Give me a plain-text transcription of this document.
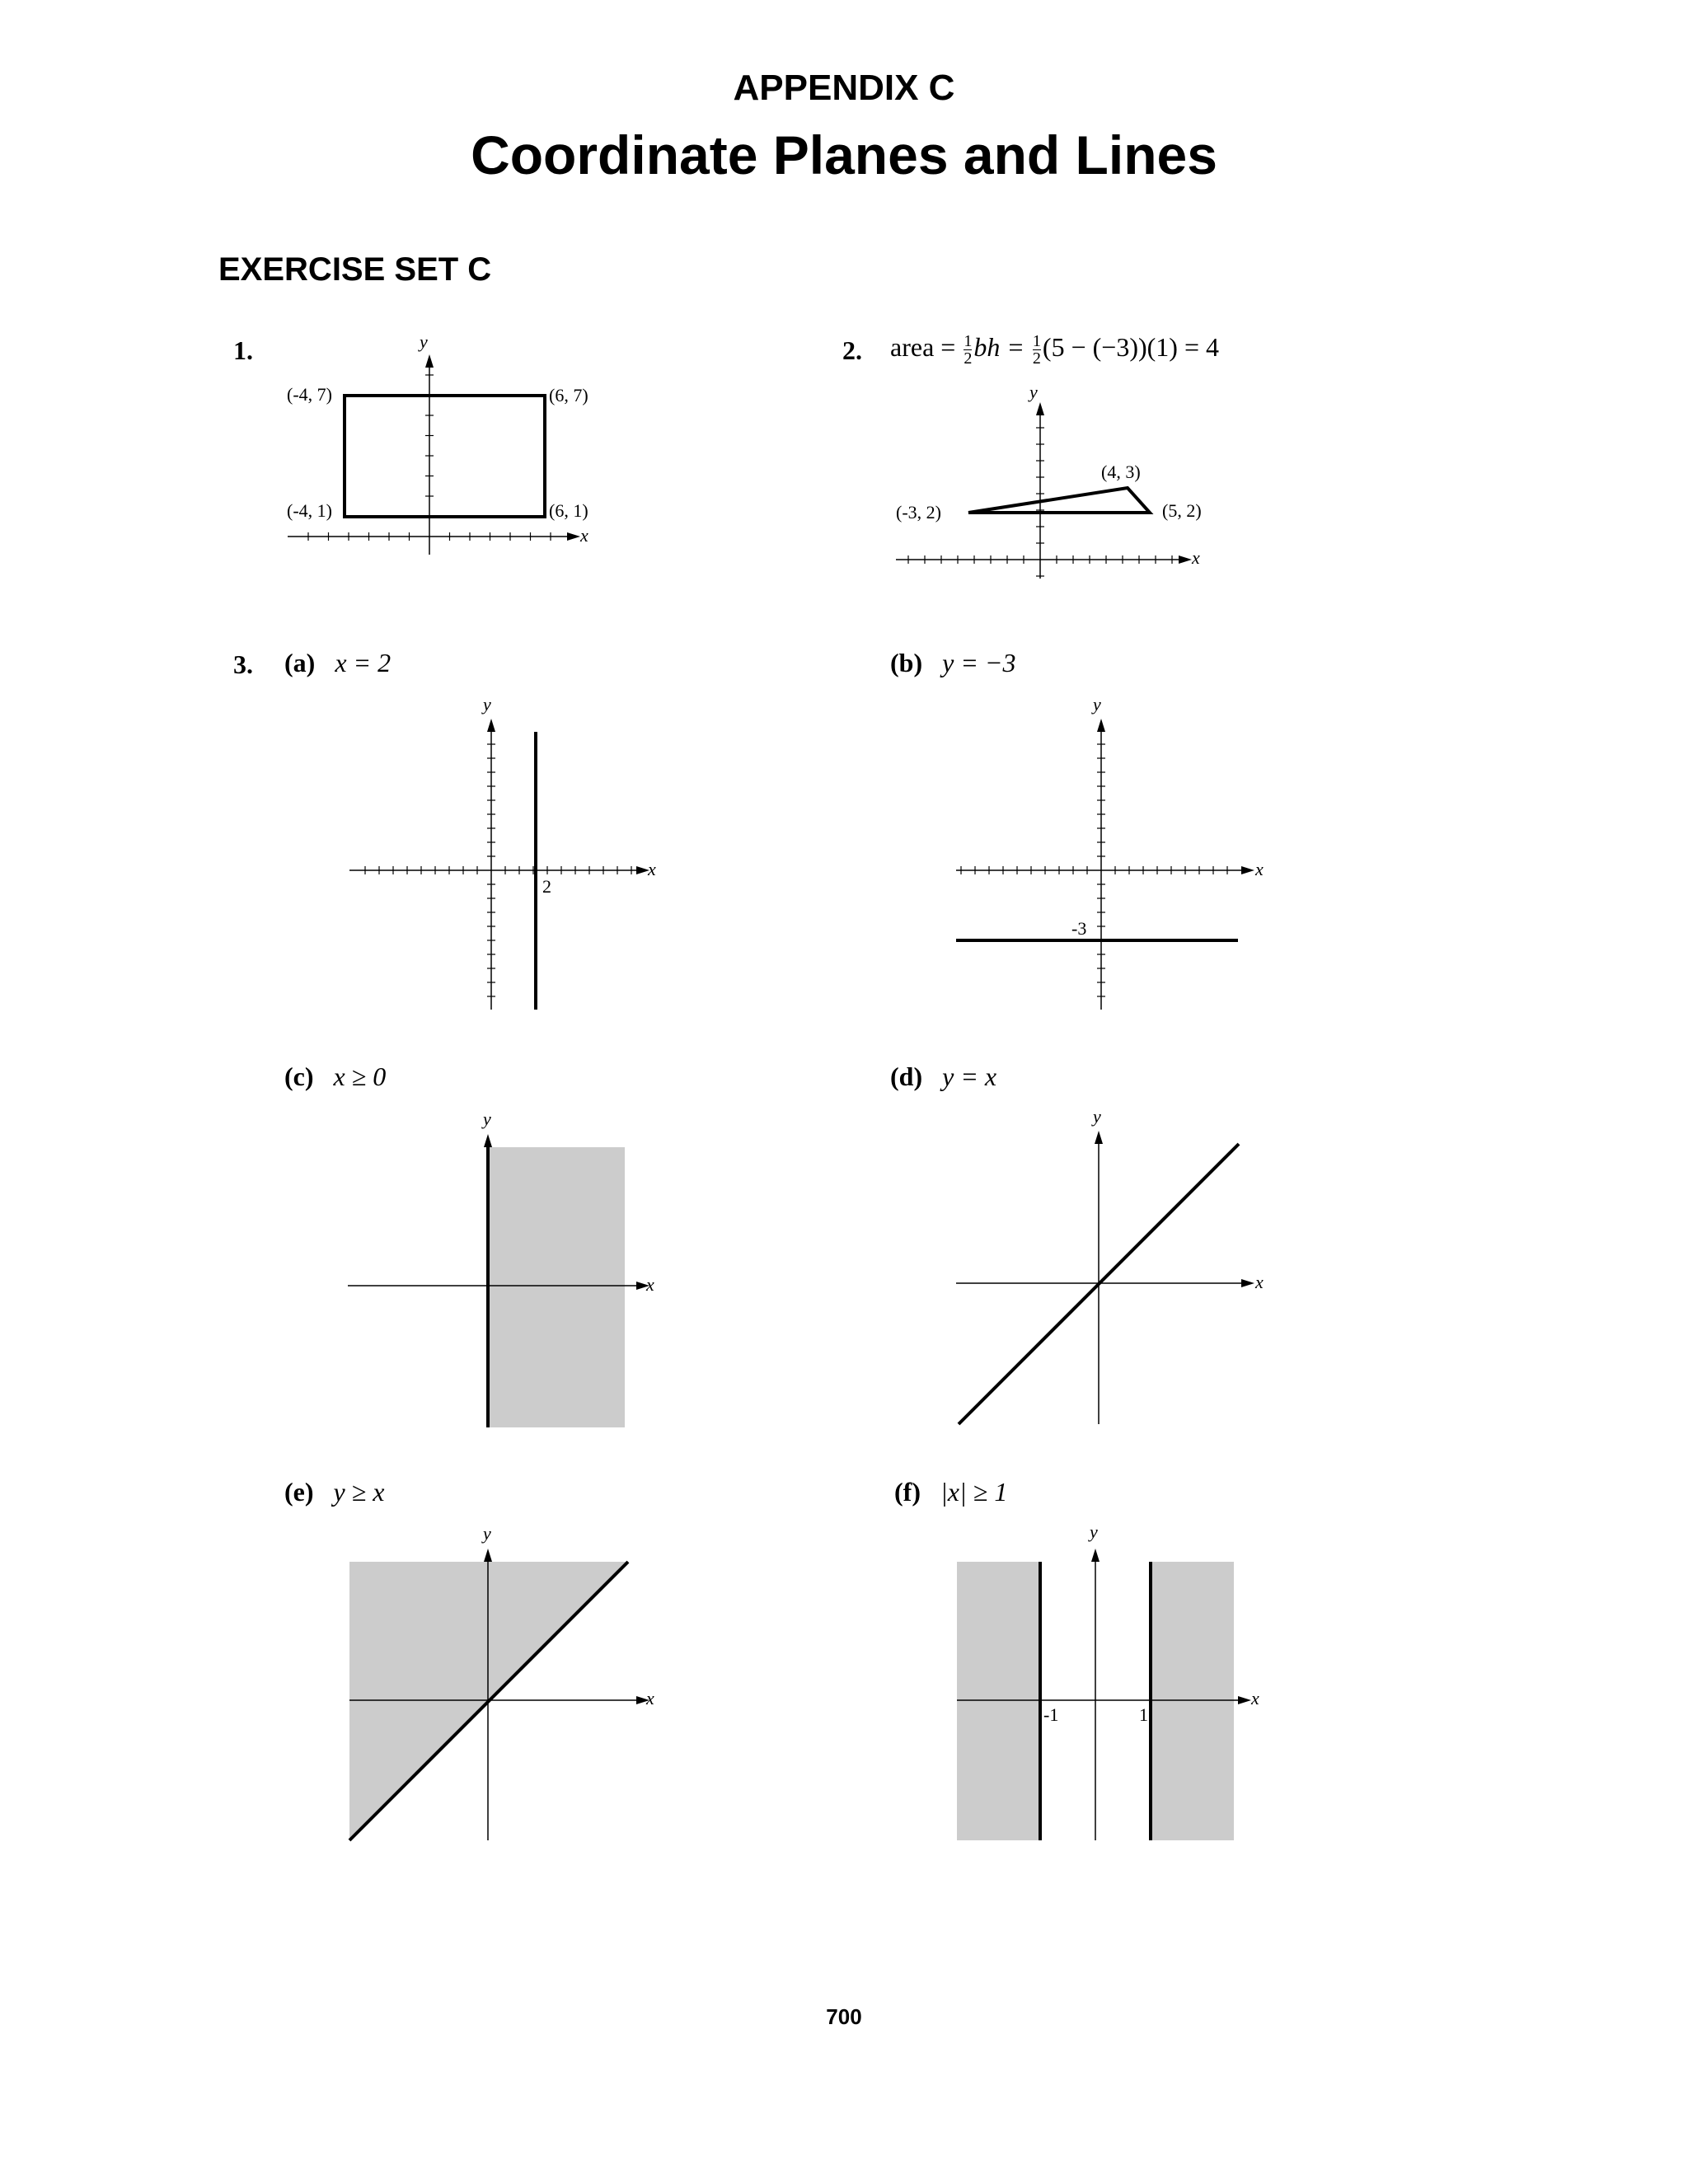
APPENDIX C
Coordinate Planes and Lines
EXERCISE SET C
1.	y
x
(-4, 7)	(6, 7)
(-4, 1)	(6, 1)
2. area = $\frac{1}{2}$ bh = $\frac{1}{2} (5 - (-3))(1) = 4$
y
x
(-3, 2)
(4, 3)
(5, 2)
3. (a) x = 2	(b) y = −3
(c) x ≥ 0	(d) y = x
(e) y ≥ x	(f) |x| ≥ 1
2
y
x
-3
y
x
y
x
y
x
y
x
-1	1
y
x
700
